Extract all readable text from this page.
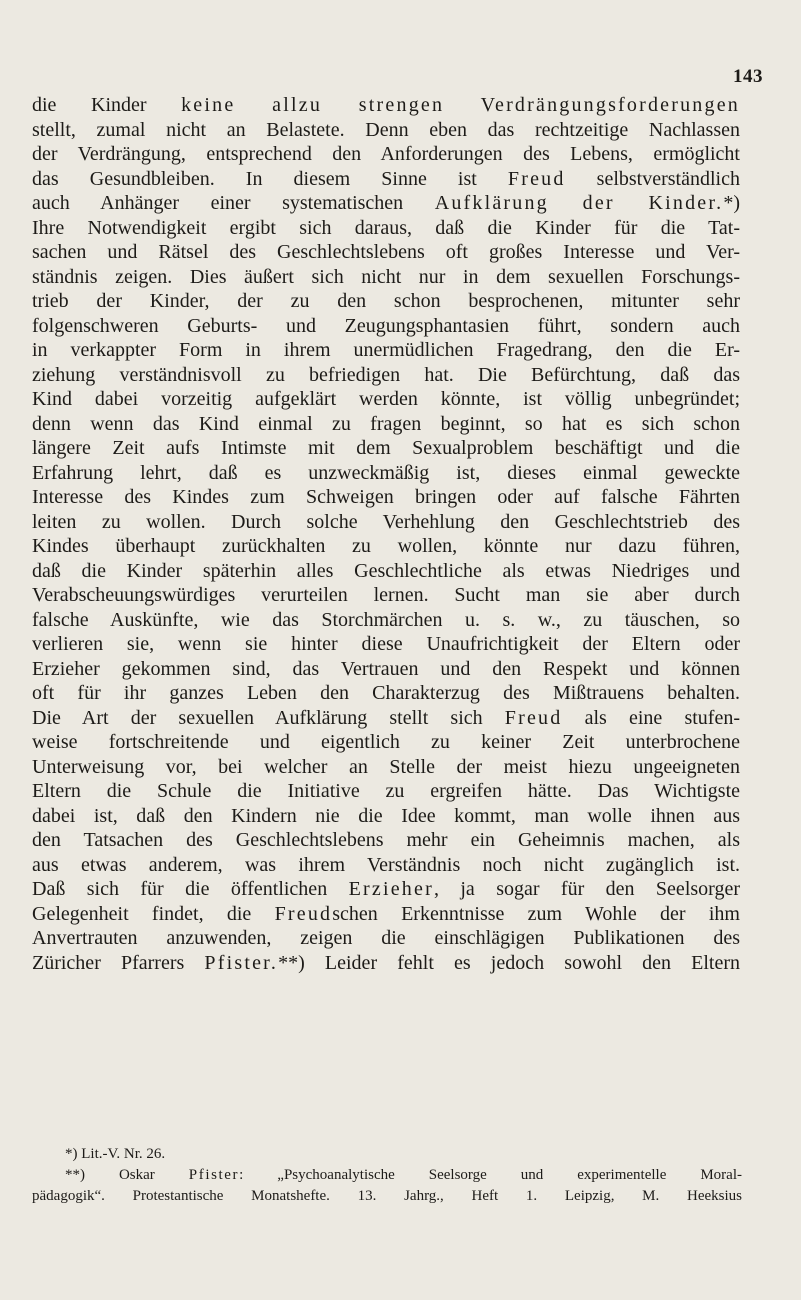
143
die Kinder keine allzu strengen Verdrängungsforderungen
stellt, zumal nicht an Belastete. Denn eben das rechtzeitige Nachlassen
der Verdrängung, entsprechend den Anforderungen des Lebens, ermöglicht
das Gesundbleiben. In diesem Sinne ist Freud selbstverständlich
auch Anhänger einer systematischen Aufklärung der Kinder.*)
Ihre Notwendigkeit ergibt sich daraus, daß die Kinder für die Tat-
sachen und Rätsel des Geschlechtslebens oft großes Interesse und Ver-
ständnis zeigen. Dies äußert sich nicht nur in dem sexuellen Forschungs-
trieb der Kinder, der zu den schon besprochenen, mitunter sehr
folgenschweren Geburts- und Zeugungsphantasien führt, sondern auch
in verkappter Form in ihrem unermüdlichen Fragedrang, den die Er-
ziehung verständnisvoll zu befriedigen hat. Die Befürchtung, daß das
Kind dabei vorzeitig aufgeklärt werden könnte, ist völlig unbegründet;
denn wenn das Kind einmal zu fragen beginnt, so hat es sich schon
längere Zeit aufs Intimste mit dem Sexualproblem beschäftigt und die
Erfahrung lehrt, daß es unzweckmäßig ist, dieses einmal geweckte
Interesse des Kindes zum Schweigen bringen oder auf falsche Fährten
leiten zu wollen. Durch solche Verhehlung den Geschlechtstrieb des
Kindes überhaupt zurückhalten zu wollen, könnte nur dazu führen,
daß die Kinder späterhin alles Geschlechtliche als etwas Niedriges und
Verabscheuungswürdiges verurteilen lernen. Sucht man sie aber durch
falsche Auskünfte, wie das Storchmärchen u. s. w., zu täuschen, so
verlieren sie, wenn sie hinter diese Unaufrichtigkeit der Eltern oder
Erzieher gekommen sind, das Vertrauen und den Respekt und können
oft für ihr ganzes Leben den Charakterzug des Mißtrauens behalten.
Die Art der sexuellen Aufklärung stellt sich Freud als eine stufen-
weise fortschreitende und eigentlich zu keiner Zeit unterbrochene
Unterweisung vor, bei welcher an Stelle der meist hiezu ungeeigneten
Eltern die Schule die Initiative zu ergreifen hätte. Das Wichtigste
dabei ist, daß den Kindern nie die Idee kommt, man wolle ihnen aus
den Tatsachen des Geschlechtslebens mehr ein Geheimnis machen, als
aus etwas anderem, was ihrem Verständnis noch nicht zugänglich ist.
Daß sich für die öffentlichen Erzieher, ja sogar für den Seelsorger
Gelegenheit findet, die Freudschen Erkenntnisse zum Wohle der ihm
Anvertrauten anzuwenden, zeigen die einschlägigen Publikationen des
Züricher Pfarrers Pfister.**) Leider fehlt es jedoch sowohl den Eltern
*) Lit.-V. Nr. 26.
**) Oskar Pfister: „Psychoanalytische Seelsorge und experimentelle Moral-
pädagogik“. Protestantische Monatshefte. 13. Jahrg., Heft 1. Leipzig, M. Heeksius
